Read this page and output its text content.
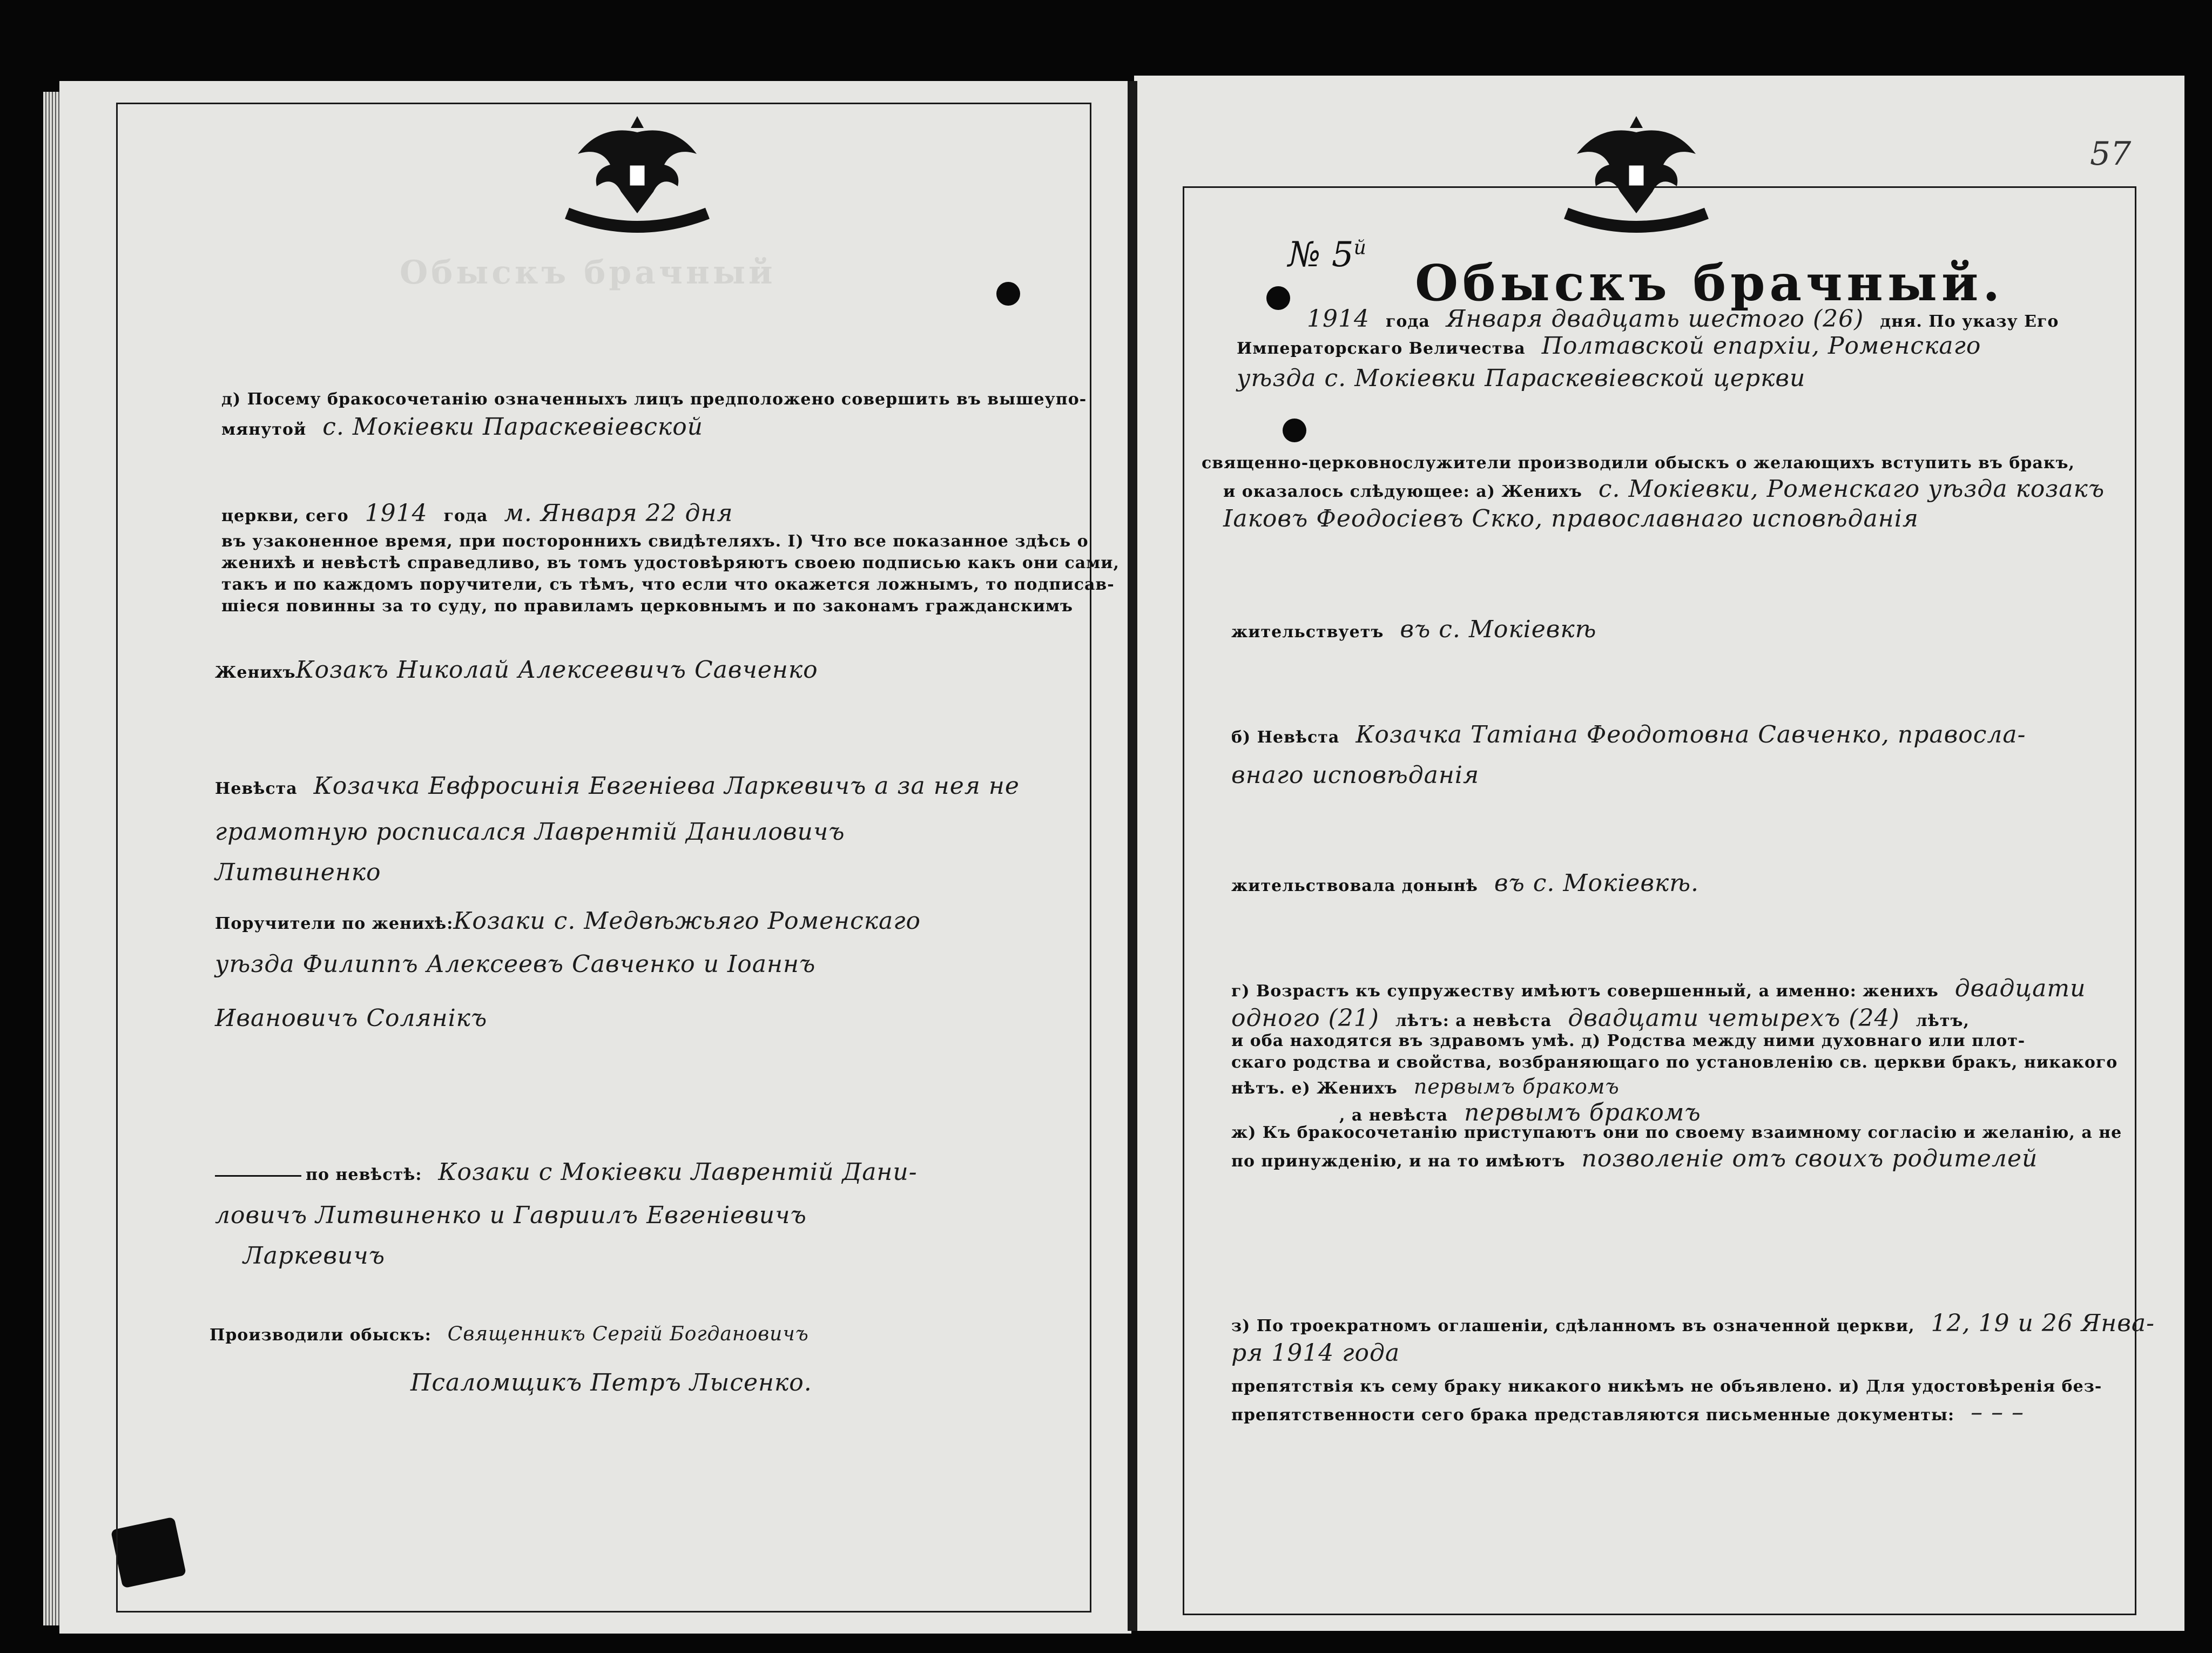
Обыскъ брачный
д) Посему бракосочетанію означенныхъ лицъ предположено совершить въ вышеупо-
мянутой с. Мокіевки Параскевіевской
церкви, сего 1914 года м. Января 22 дня
въ узаконенное время, при постороннихъ свидѣтеляхъ. I) Что все показанное здѣсь о
женихѣ и невѣстѣ справедливо, въ томъ удостовѣряютъ своею подписью какъ они сами,
такъ и по каждомъ поручители, съ тѣмъ, что если что окажется ложнымъ, то подписав-
шіеся повинны за то суду, по правиламъ церковнымъ и по законамъ гражданскимъ
ЖенихъКозакъ Николай Алексеевичъ Савченко
Невѣста Козачка Евфросинія Евгеніева Ларкевичъ а за нея не
грамотную росписался Лаврентій Даниловичъ
Литвиненко
Поручители по женихѣ:Козаки с. Медвѣжьяго Роменскаго
уѣзда Филиппъ Алексеевъ Савченко и Іоаннъ
Ивановичъ Солянікъ
по невѣстѣ: Козаки с Мокіевки Лаврентій Дани-
ловичъ Литвиненко и Гавриилъ Евгеніевичъ
Ларкевичъ
Производили обыскъ: Священникъ Сергій Богдановичъ
Псаломщикъ Петръ Лысенко.
57
№ $5^й$
Обыскъ брачный.
1914 года Января двадцать шестого (26) дня. По указу Его
Императорскаго Величества Полтавской епархіи, Роменскаго
уѣзда с. Мокіевки Параскевіевской церкви
священно-церковнослужители производили обыскъ о желающихъ вступить въ бракъ,
и оказалось слѣдующее: а) Женихъ с. Мокіевки, Роменскаго уѣзда козакъ
Іаковъ Феодосіевъ Скко, православнаго исповѣданія
жительствуетъ въ с. Мокіевкѣ
б) Невѣста Козачка Татіана Феодотовна Савченко, правосла-
внаго исповѣданія
жительствовала донынѣ въ с. Мокіевкѣ.
г) Возрастъ къ супружеству имѣютъ совершенный, а именно: женихъ двадцати
одного (21) лѣтъ: а невѣста двадцати четырехъ (24) лѣтъ,
и оба находятся въ здравомъ умѣ. д) Родства между ними духовнаго или плот-
скаго родства и свойства, возбраняющаго по установленію св. церкви бракъ, никакого
нѣтъ. е) Женихъ первымъ бракомъ
, а невѣста первымъ бракомъ
ж) Къ бракосочетанію приступаютъ они по своему взаимному согласію и желанію, а не
по принужденію, и на то имѣютъ позволеніе отъ своихъ родителей
з) По троекратномъ оглашеніи, сдѣланномъ въ означенной церкви, 12, 19 и 26 Янва-
ря 1914 года
препятствія къ сему браку никакого никѣмъ не объявлено. и) Для удостовѣренія без-
препятственности сего брака представляются письменные документы: – – –
